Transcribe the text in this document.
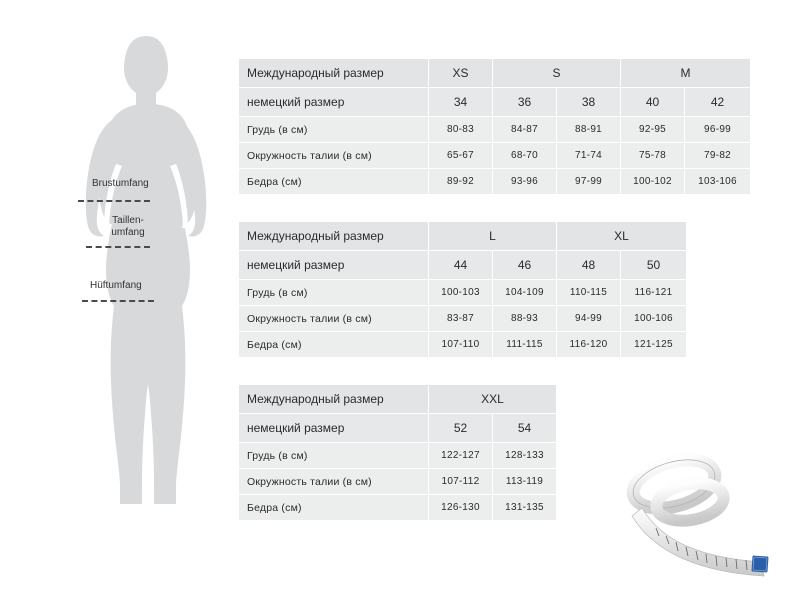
Brustumfang
Taillen-
umfang
Hüftumfang
Международный размер	XS	S		M	
немецкий размер	34	36	38	40	42
Грудь (в см)	80-83	84-87	88-91	92-95	96-99
Окружность талии (в см)	65-67	68-70	71-74	75-78	79-82
Бедра (см)	89-92	93-96	97-99	100-102	103-106
Международный размер	L		XL	
немецкий размер	44	46	48	50
Грудь (в см)	100-103	104-109	110-115	116-121
Окружность талии (в см)	83-87	88-93	94-99	100-106
Бедра (см)	107-110	111-115	116-120	121-125
Международный размер	XXL	
немецкий размер	52	54
Грудь (в см)	122-127	128-133
Окружность талии (в см)	107-112	113-119
Бедра (см)	126-130	131-135
